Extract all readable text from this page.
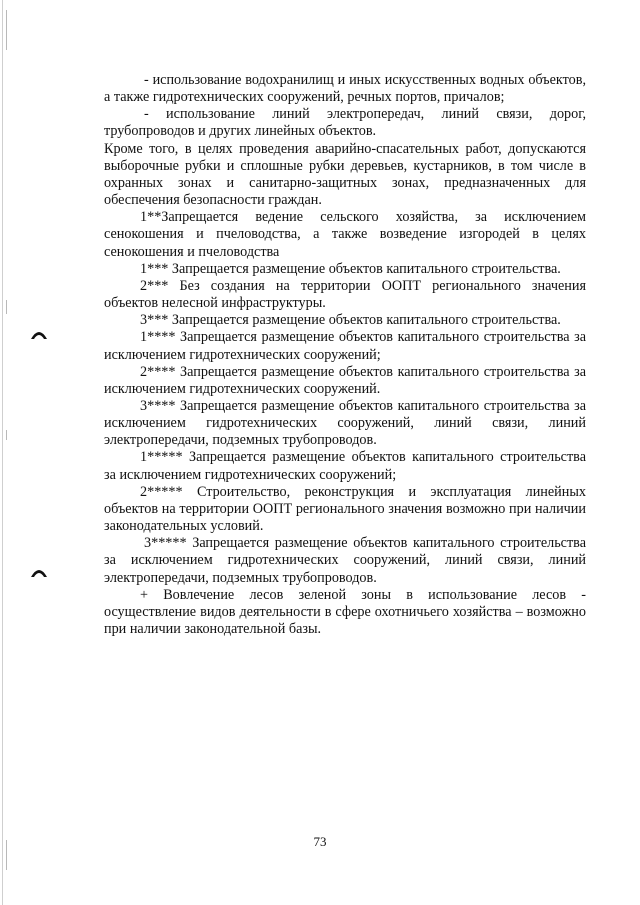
- использование водохранилищ и иных искусственных водных объектов, а также гидротехнических сооружений, речных портов, причалов;

- использование линий электропередач, линий связи, дорог, трубопроводов и других линейных объектов.

Кроме того, в целях проведения аварийно-спасательных работ, допускаются выборочные рубки и сплошные рубки деревьев, кустарников, в том числе в охранных зонах и санитарно-защитных зонах, предназначенных для обеспечения безопасности граждан.

1**Запрещается ведение сельского хозяйства, за исключением сенокошения и пчеловодства, а также возведение изгородей в целях сенокошения и пчеловодства

1*** Запрещается размещение объектов капитального строительства.

2*** Без создания на территории ООПТ регионального значения объектов нелесной инфраструктуры.

3*** Запрещается размещение объектов капитального строительства.

1**** Запрещается размещение объектов капитального строительства за исключением гидротехнических сооружений;

2**** Запрещается размещение объектов капитального строительства за исключением гидротехнических сооружений.

3**** Запрещается размещение объектов капитального строительства за исключением гидротехнических сооружений, линий связи, линий электропередачи, подземных трубопроводов.

1***** Запрещается размещение объектов капитального строительства за исключением гидротехнических сооружений;

2***** Строительство, реконструкция и эксплуатация линейных объектов на территории ООПТ регионального значения возможно при наличии законодательных условий.

3***** Запрещается размещение объектов капитального строительства за исключением гидротехнических сооружений, линий связи, линий электропередачи, подземных трубопроводов.

+ Вовлечение лесов зеленой зоны в использование лесов - осуществление видов деятельности в сфере охотничьего хозяйства – возможно при наличии законодательной базы.

73
